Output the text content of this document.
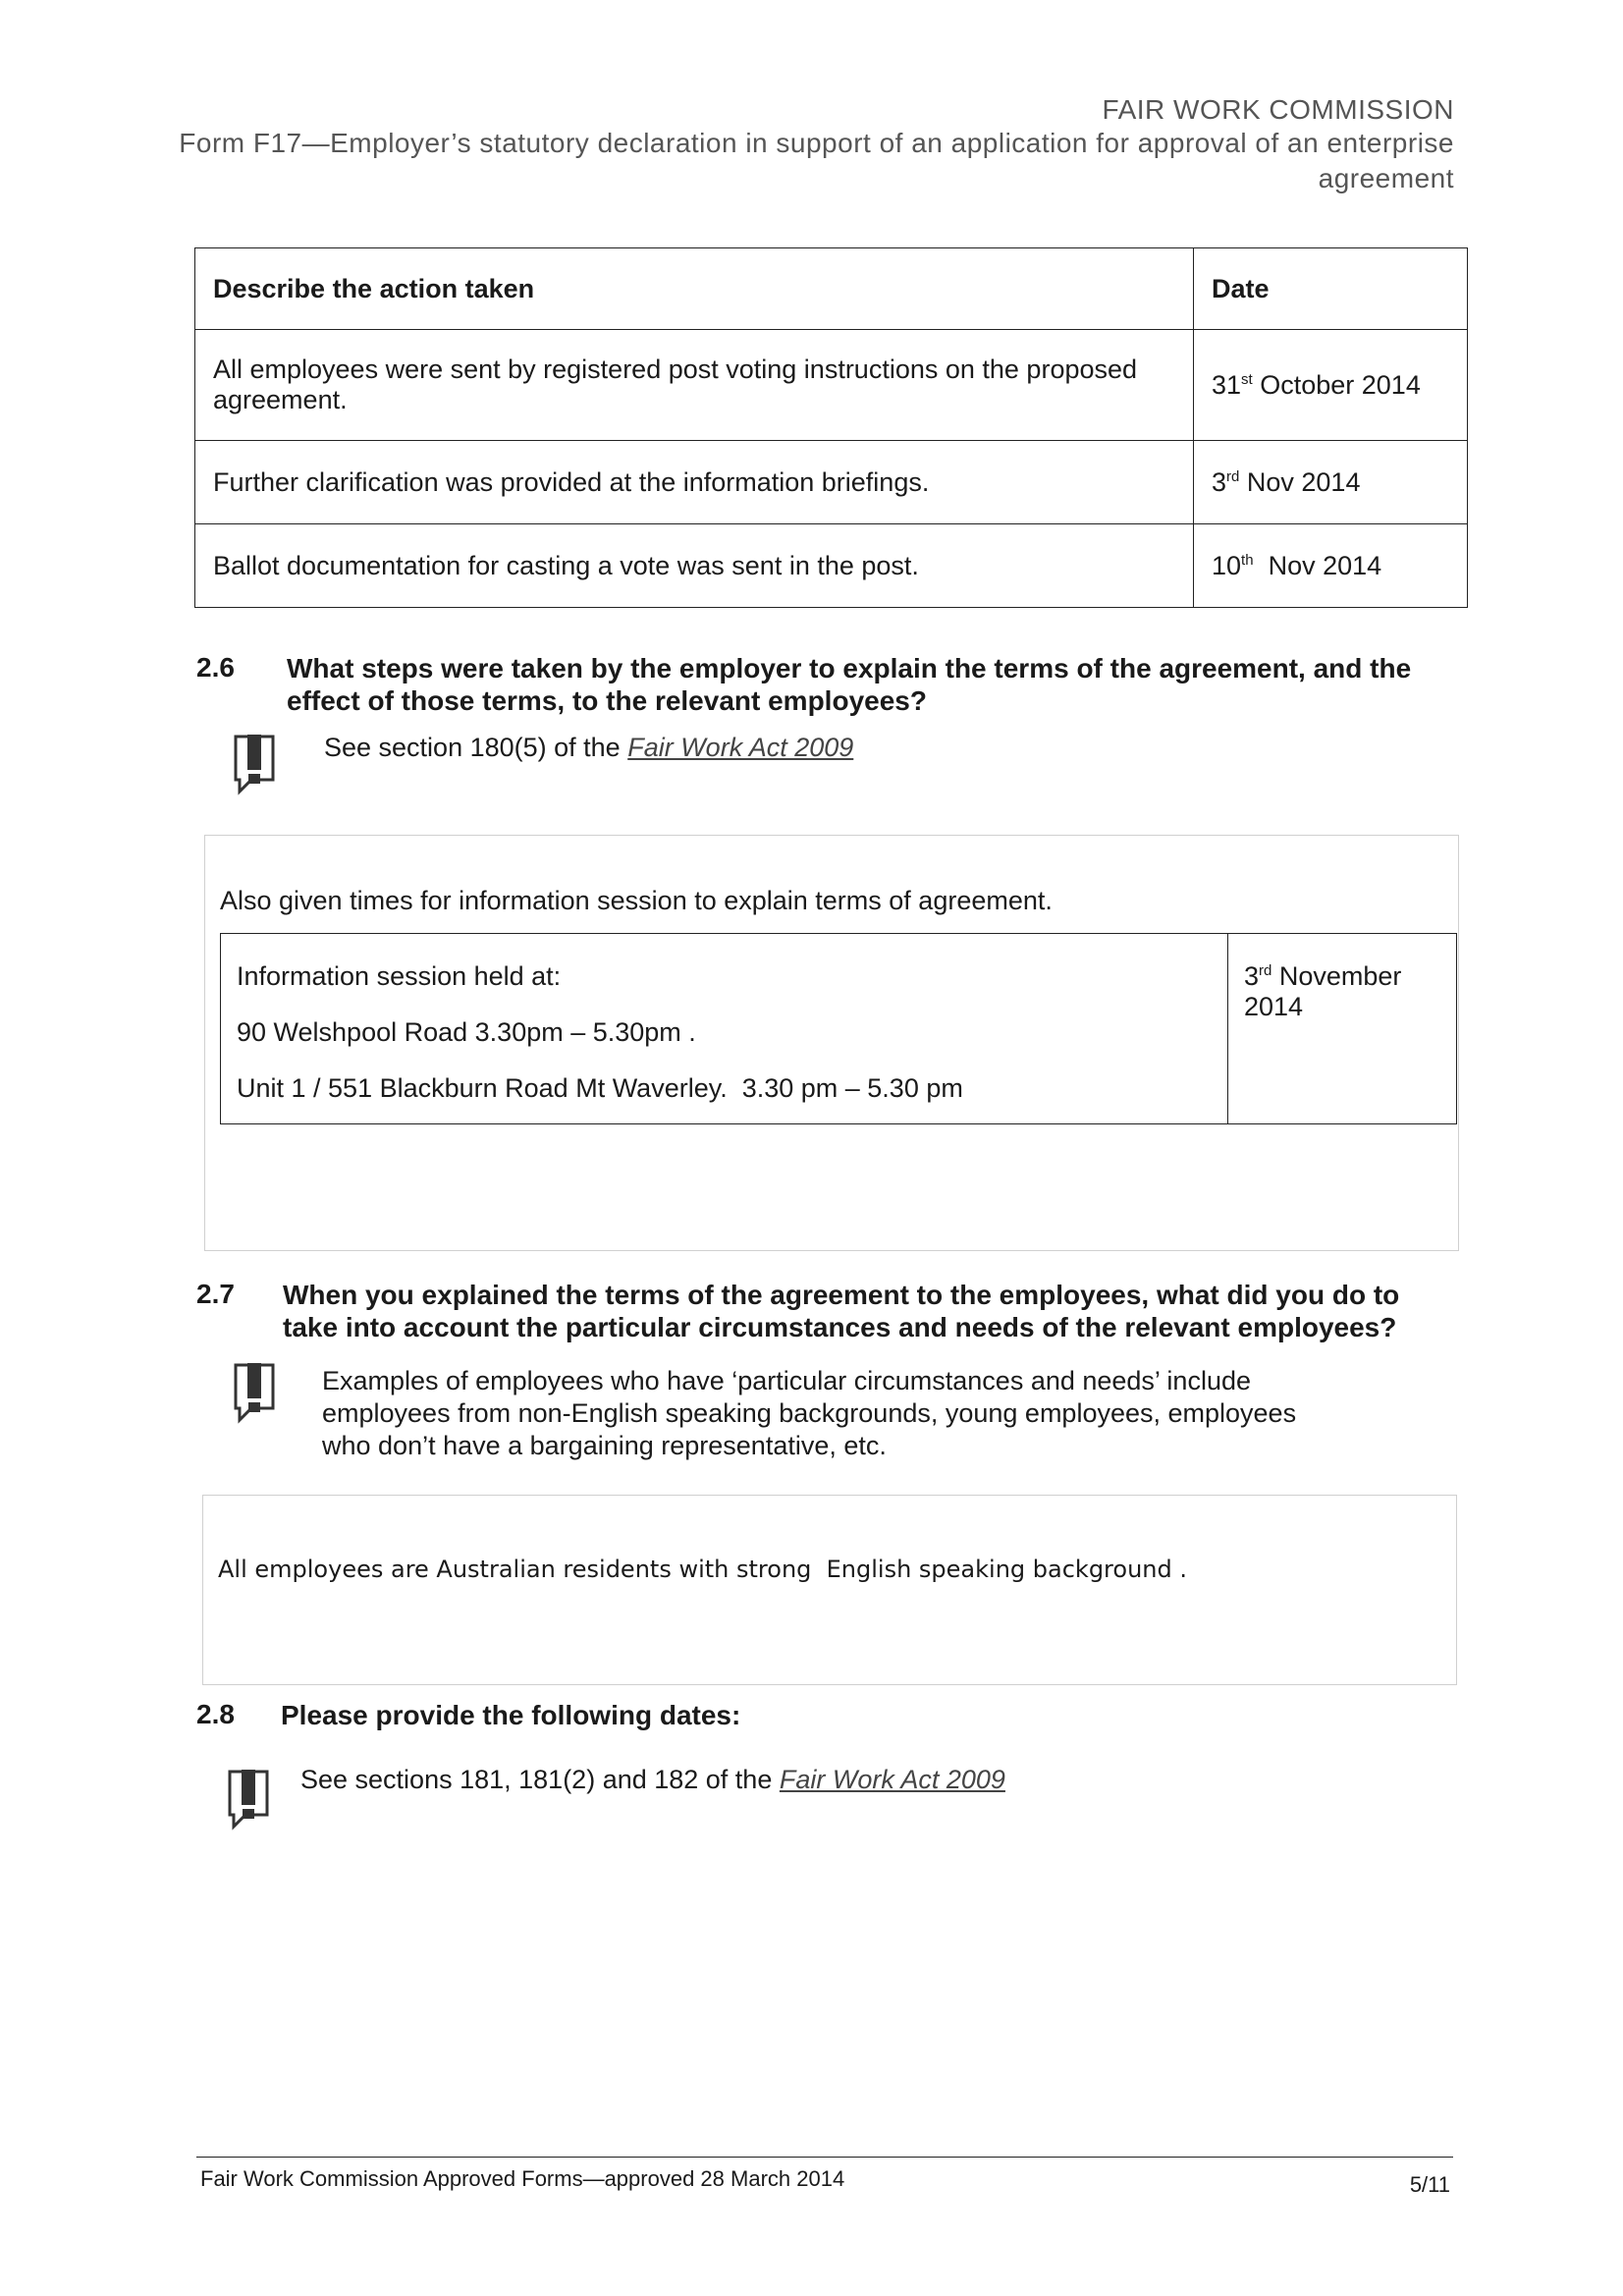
FAIR WORK COMMISSION
Form F17—Employer’s statutory declaration in support of an application for approval of an enterprise
agreement
Describe the action taken	Date
All employees were sent by registered post voting instructions on the proposed agreement.	31st October 2014
Further clarification was provided at the information briefings.	3rd Nov 2014
Ballot documentation for casting a vote was sent in the post.	10th  Nov 2014
2.6 What steps were taken by the employer to explain the terms of the agreement, and the
effect of those terms, to the relevant employees?
See section 180(5) of the Fair Work Act 2009
Also given times for information session to explain terms of agreement.

Information session held at:

90 Welshpool Road 3.30pm – 5.30pm .

Unit 1 / 551 Blackburn Road Mt Waverley.  3.30 pm – 5.30 pm

	3rd November
2014
2.7 When you explained the terms of the agreement to the employees, what did you do to
take into account the particular circumstances and needs of the relevant employees?
Examples of employees who have ‘particular circumstances and needs’ include
employees from non-English speaking backgrounds, young employees, employees
who don’t have a bargaining representative, etc.
All employees are Australian residents with strong  English speaking background .
2.8 Please provide the following dates:
See sections 181, 181(2) and 182 of the Fair Work Act 2009
Fair Work Commission Approved Forms—approved 28 March 2014	5/11
